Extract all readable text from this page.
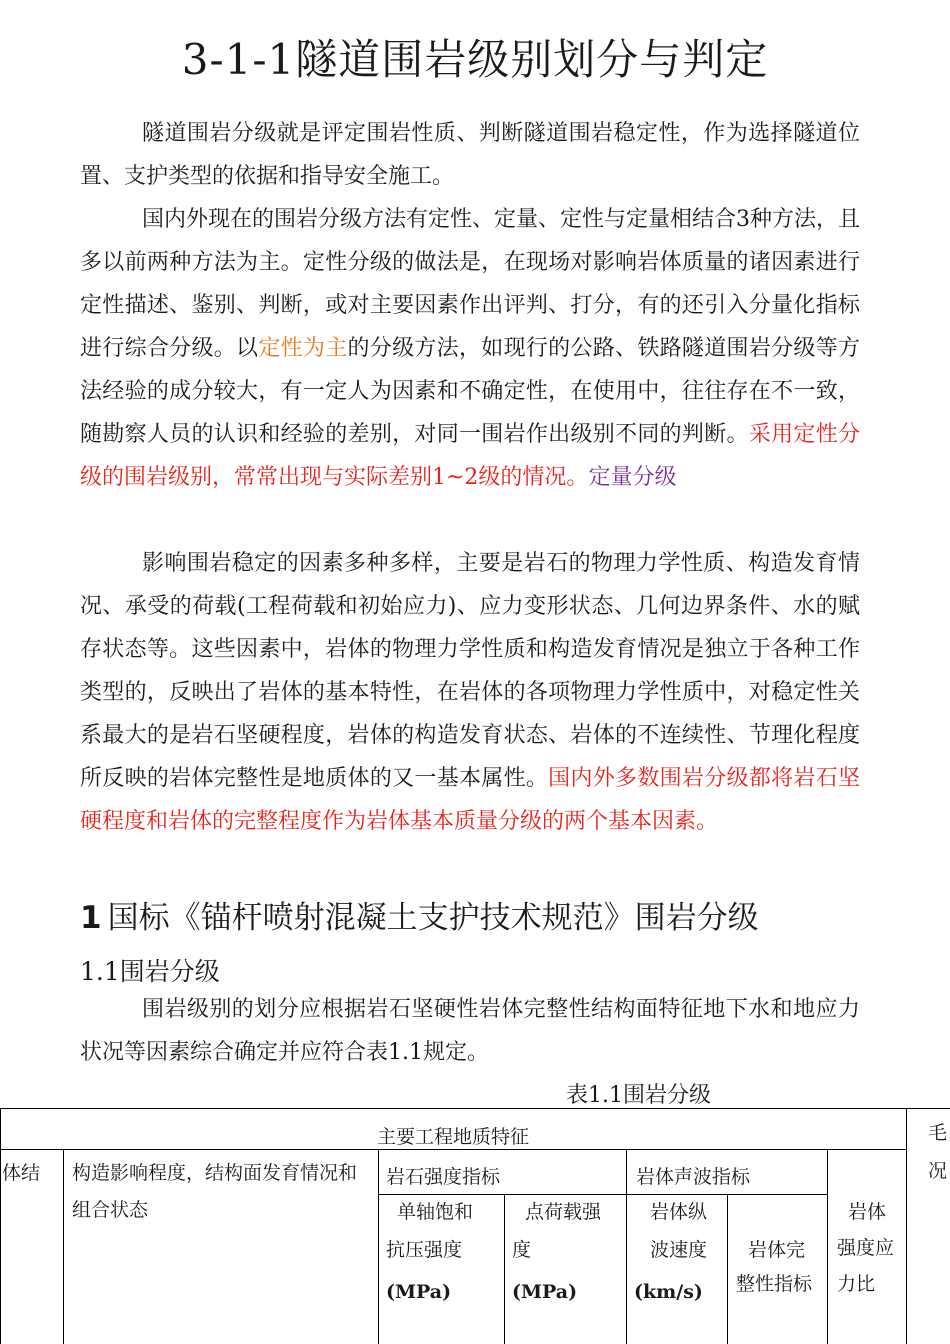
3-1-1隧道围岩级别划分与判定
隧道围岩分级就是评定围岩性质、判断隧道围岩稳定性，作为选择隧道位置、支护类型的依据和指导安全施工。
国内外现在的围岩分级方法有定性、定量、定性与定量相结合3种方法，且多以前两种方法为主。定性分级的做法是，在现场对影响岩体质量的诸因素进行定性描述、鉴别、判断，或对主要因素作出评判、打分，有的还引入分量化指标进行综合分级。以定性为主的分级方法，如现行的公路、铁路隧道围岩分级等方法经验的成分较大，有一定人为因素和不确定性，在使用中，往往存在不一致，随勘察人员的认识和经验的差别，对同一围岩作出级别不同的判断。采用定性分级的围岩级别，常常出现与实际差别1~2级的情况。定量分级
影响围岩稳定的因素多种多样，主要是岩石的物理力学性质、构造发育情况、承受的荷载(工程荷载和初始应力)、应力变形状态、几何边界条件、水的赋存状态等。这些因素中，岩体的物理力学性质和构造发育情况是独立于各种工作类型的，反映出了岩体的基本特性，在岩体的各项物理力学性质中，对稳定性关系最大的是岩石坚硬程度，岩体的构造发育状态、岩体的不连续性、节理化程度所反映的岩体完整性是地质体的又一基本属性。国内外多数围岩分级都将岩石坚硬程度和岩体的完整程度作为岩体基本质量分级的两个基本因素。
1 国标《锚杆喷射混凝土支护技术规范》围岩分级
1.1围岩分级
围岩级别的划分应根据岩石坚硬性岩体完整性结构面特征地下水和地应力状况等因素综合确定并应符合表1.1规定。
表1.1围岩分级
主要工程地质特征	毛
况
体结 构造影响程度，结构面发育情况和组合状态
岩石强度指标	岩体声波指标
单轴饱和
抗压强度
(MPa)
点荷载强
度
(MPa)
岩体纵
波速度
(km/s)
岩体完
整性指标
岩体
强度应
力比
